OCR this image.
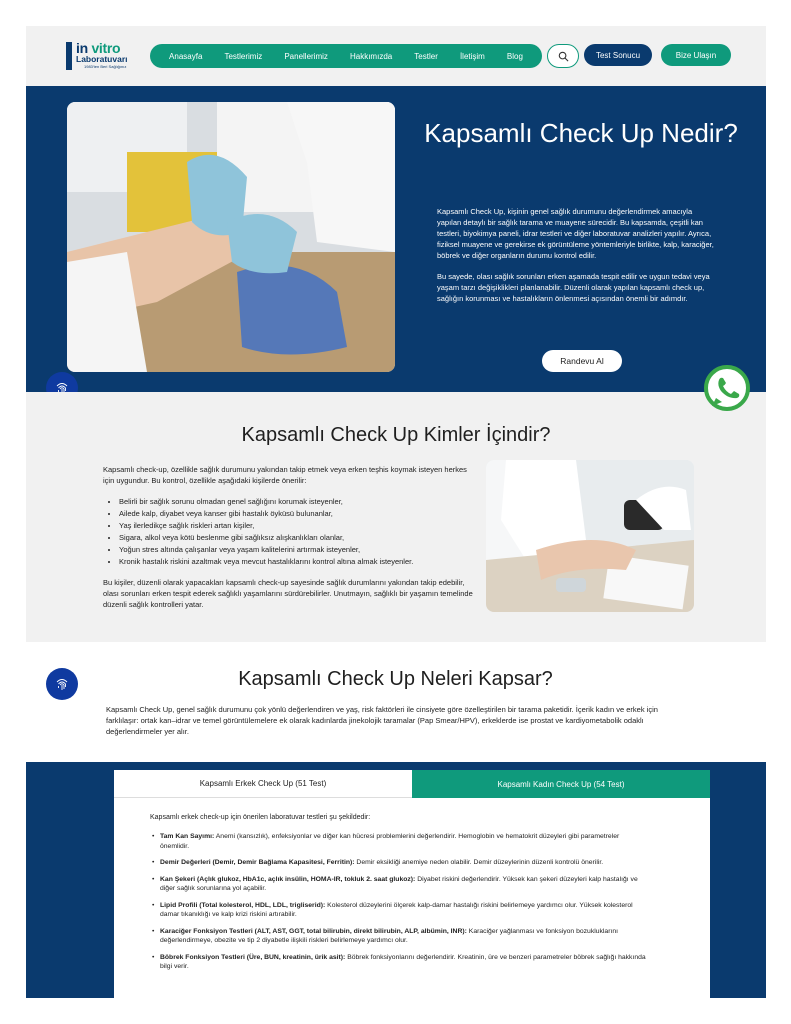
in vitro
Laboratuvarı
1983'ten Beri Sağlığınız
Anasayfa	Testlerimiz	Panellerimiz	Hakkımızda	Testler	İletişim	Blog	Test Sonucu	Bize Ulaşın
Kapsamlı Check Up Nedir?

Kapsamlı Check Up, kişinin genel sağlık durumunu değerlendirmek amacıyla yapılan detaylı bir sağlık tarama ve muayene sürecidir. Bu kapsamda, çeşitli kan testleri, biyokimya paneli, idrar testleri ve diğer laboratuvar analizleri yapılır. Ayrıca, fiziksel muayene ve gerekirse ek görüntüleme yöntemleriyle birlikte, kalp, karaciğer, böbrek ve diğer organların durumu kontrol edilir.

Bu sayede, olası sağlık sorunları erken aşamada tespit edilir ve uygun tedavi veya yaşam tarzı değişiklikleri planlanabilir. Düzenli olarak yapılan kapsamlı check up, sağlığın korunması ve hastalıkların önlenmesi açısından önemli bir adımdır.

Randevu Al
Kapsamlı Check Up Kimler İçindir?

Kapsamlı check-up, özellikle sağlık durumunu yakından takip etmek veya erken teşhis koymak isteyen herkes için uygundur. Bu kontrol, özellikle aşağıdaki kişilerde önerilir:

• Belirli bir sağlık sorunu olmadan genel sağlığını korumak isteyenler,
• Ailede kalp, diyabet veya kanser gibi hastalık öyküsü bulunanlar,
• Yaş ilerledikçe sağlık riskleri artan kişiler,
• Sigara, alkol veya kötü beslenme gibi sağlıksız alışkanlıkları olanlar,
• Yoğun stres altında çalışanlar veya yaşam kalitelerini artırmak isteyenler,
• Kronik hastalık riskini azaltmak veya mevcut hastalıklarını kontrol altına almak isteyenler.

Bu kişiler, düzenli olarak yapacakları kapsamlı check-up sayesinde sağlık durumlarını yakından takip edebilir, olası sorunları erken tespit ederek sağlıklı yaşamlarını sürdürebilirler. Unutmayın, sağlıklı bir yaşamın temelinde düzenli sağlık kontrolleri yatar.

Kapsamlı Check Up Neleri Kapsar?
Kapsamlı Check Up, genel sağlık durumunu çok yönlü değerlendiren ve yaş, risk faktörleri ile cinsiyete göre özelleştirilen bir tarama paketidir. İçerik kadın ve erkek için farklılaşır: ortak kan–idrar ve temel görüntülemelere ek olarak kadınlarda jinekolojik taramalar (Pap Smear/HPV), erkeklerde ise prostat ve kardiyometabolik odaklı değerlendirmeler yer alır.
Kapsamlı Erkek Check Up (51 Test)	Kapsamlı Kadın Check Up (54 Test)
Kapsamlı erkek check-up için önerilen laboratuvar testleri şu şekildedir:
• Tam Kan Sayımı: Anemi (kansızlık), enfeksiyonlar ve diğer kan hücresi problemlerini değerlendirir. Hemoglobin ve hematokrit düzeyleri gibi parametreler önemlidir.
• Demir Değerleri (Demir, Demir Bağlama Kapasitesi, Ferritin): Demir eksikliği anemiye neden olabilir. Demir düzeylerinin düzenli kontrolü önerilir.
• Kan Şekeri (Açlık glukoz, HbA1c, açlık insülin, HOMA-IR, tokluk 2. saat glukoz): Diyabet riskini değerlendirir. Yüksek kan şekeri düzeyleri kalp hastalığı ve diğer sağlık sorunlarına yol açabilir.
• Lipid Profili (Total kolesterol, HDL, LDL, trigliserid): Kolesterol düzeylerini ölçerek kalp-damar hastalığı riskini belirlemeye yardımcı olur. Yüksek kolesterol damar tıkanıklığı ve kalp krizi riskini artırabilir.
• Karaciğer Fonksiyon Testleri (ALT, AST, GGT, total bilirubin, direkt bilirubin, ALP, albümin, INR): Karaciğer yağlanması ve fonksiyon bozukluklarını değerlendirmeye, obezite ve tip 2 diyabetle ilişkili riskleri belirlemeye yardımcı olur.
• Böbrek Fonksiyon Testleri (Üre, BUN, kreatinin, ürik asit): Böbrek fonksiyonlarını değerlendirir. Kreatinin, üre ve benzeri parametreler böbrek sağlığı hakkında bilgi verir.
